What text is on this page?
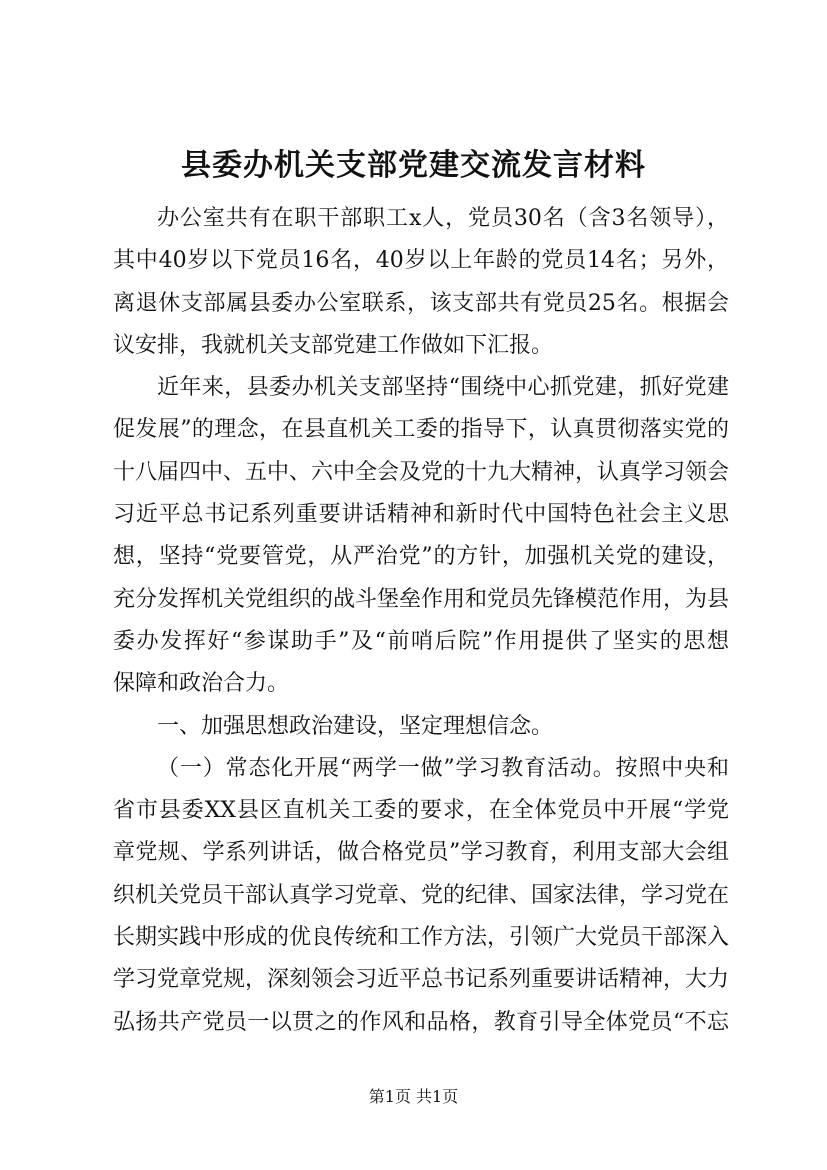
县委办机关支部党建交流发言材料
办公室共有在职干部职工x人，党员30名（含3名领导），
其中40岁以下党员16名，40岁以上年龄的党员14名；另外，
离退休支部属县委办公室联系，该支部共有党员25名。根据会
议安排，我就机关支部党建工作做如下汇报。
近年来，县委办机关支部坚持“围绕中心抓党建，抓好党建
促发展”的理念，在县直机关工委的指导下，认真贯彻落实党的
十八届四中、五中、六中全会及党的十九大精神，认真学习领会
习近平总书记系列重要讲话精神和新时代中国特色社会主义思
想，坚持“党要管党，从严治党”的方针，加强机关党的建设，
充分发挥机关党组织的战斗堡垒作用和党员先锋模范作用，为县
委办发挥好“参谋助手”及“前哨后院”作用提供了坚实的思想
保障和政治合力。
一、加强思想政治建设，坚定理想信念。
（一）常态化开展“两学一做”学习教育活动。按照中央和
省市县委XX县区直机关工委的要求，在全体党员中开展“学党
章党规、学系列讲话，做合格党员”学习教育，利用支部大会组
织机关党员干部认真学习党章、党的纪律、国家法律，学习党在
长期实践中形成的优良传统和工作方法，引领广大党员干部深入
学习党章党规，深刻领会习近平总书记系列重要讲话精神，大力
弘扬共产党员一以贯之的作风和品格，教育引导全体党员“不忘
第1页 共1页
